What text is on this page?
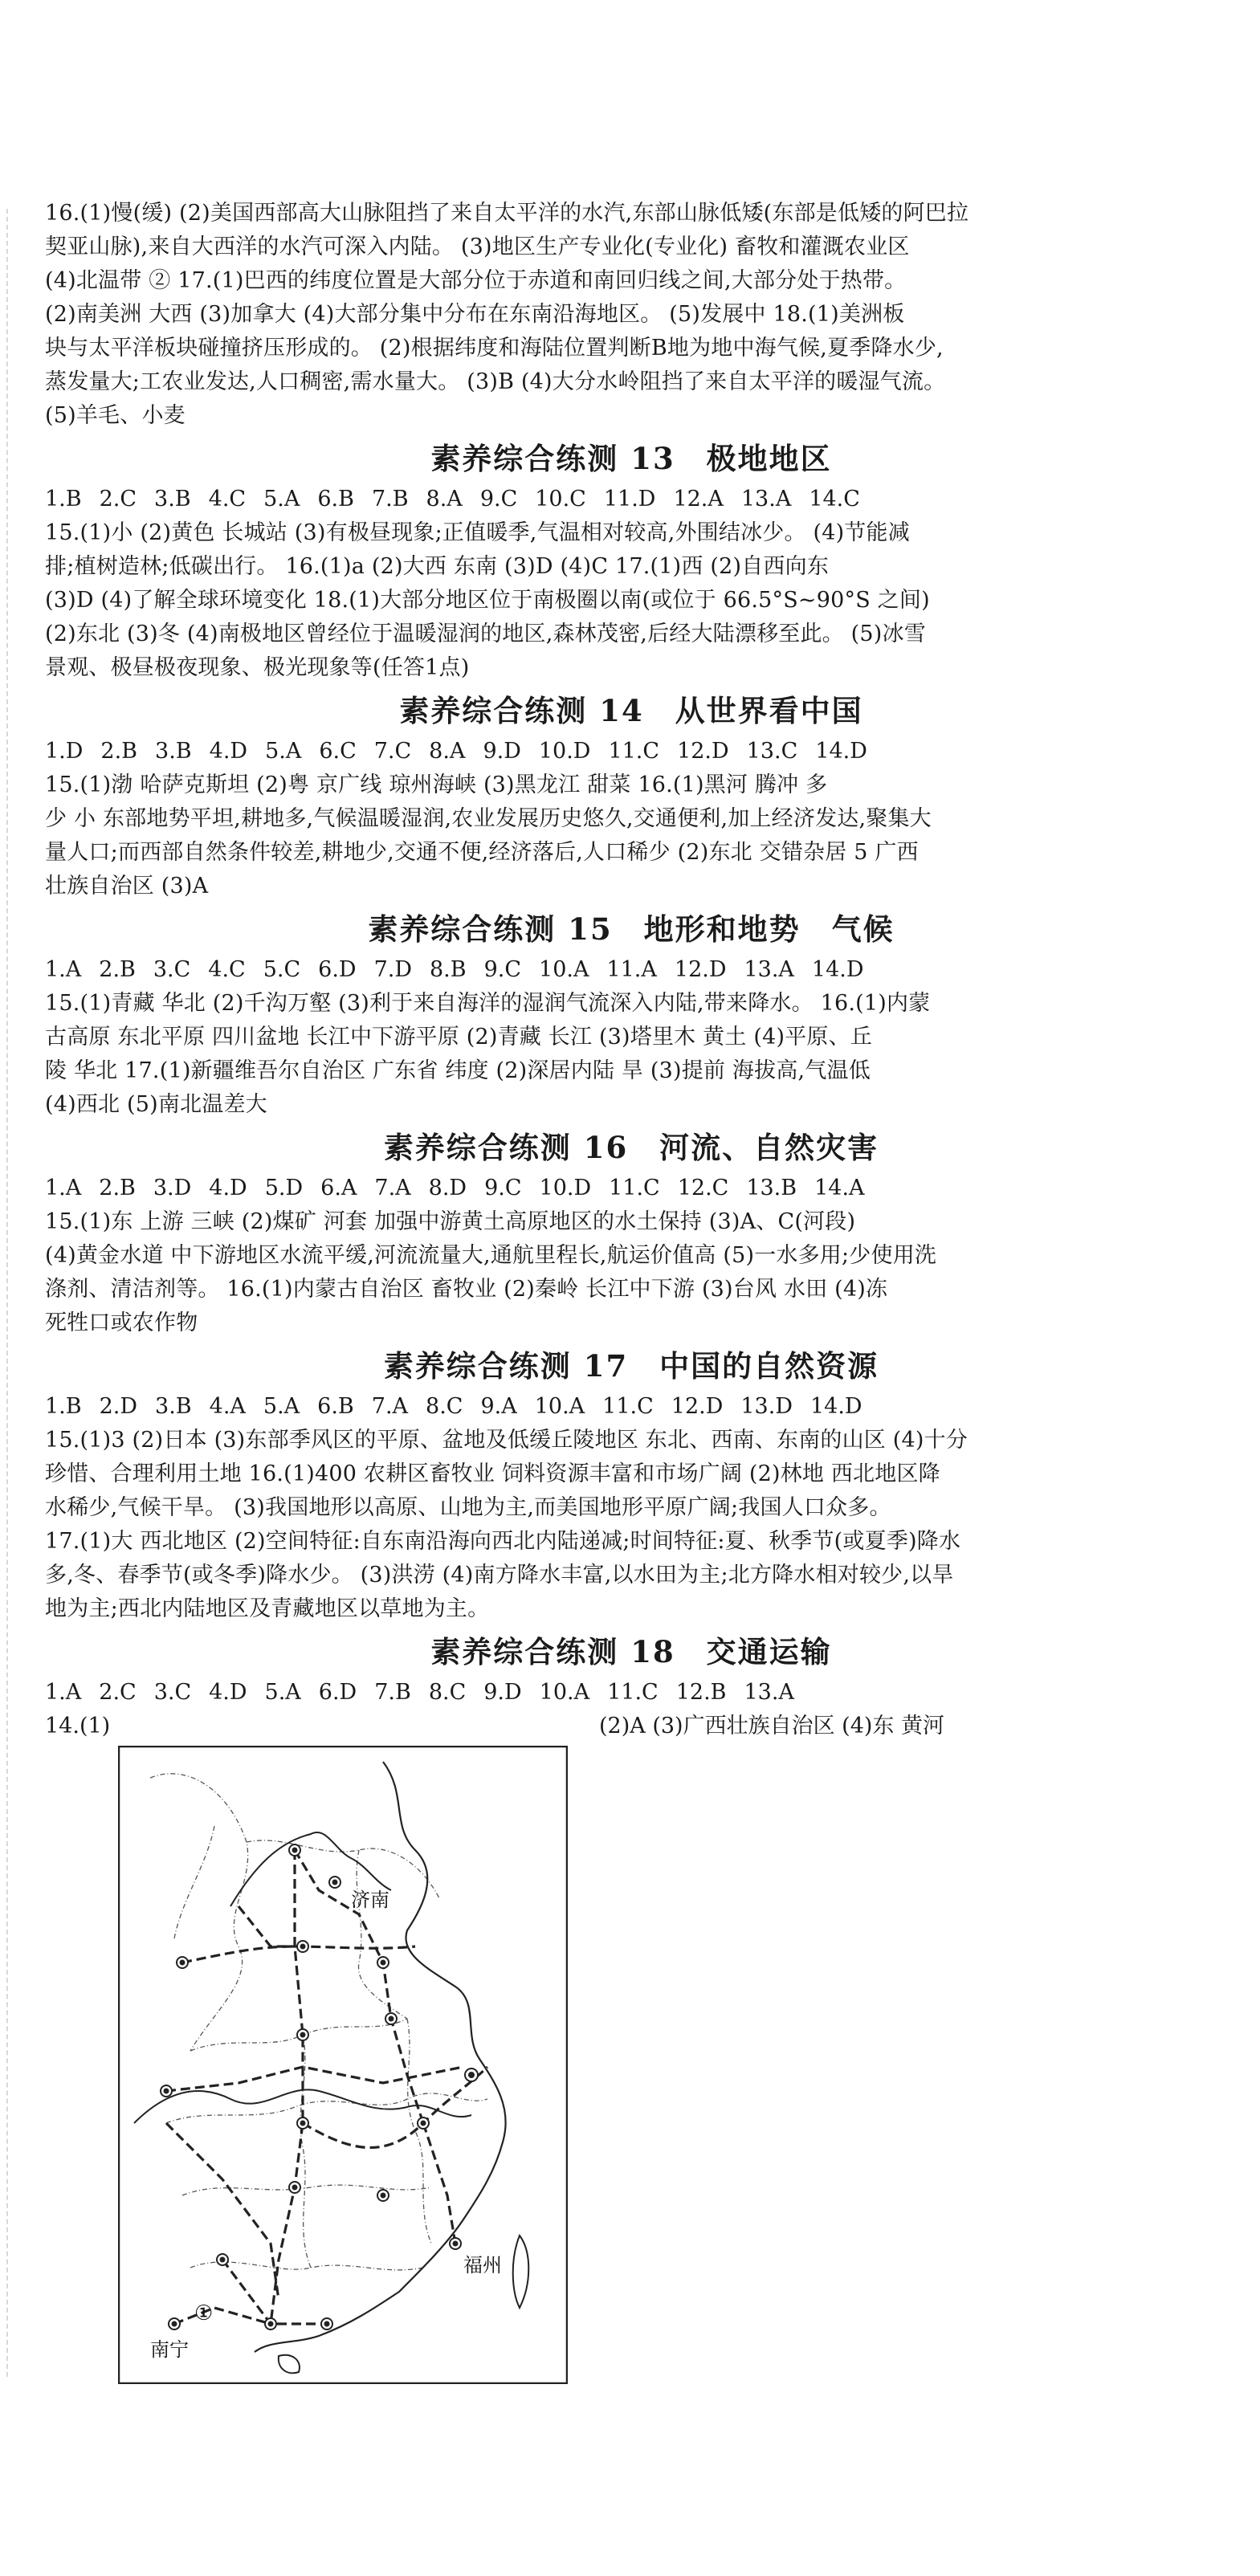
16.(1)慢(缓) (2)美国西部高大山脉阻挡了来自太平洋的水汽,东部山脉低矮(东部是低矮的阿巴拉

契亚山脉),来自大西洋的水汽可深入内陆。 (3)地区生产专业化(专业化) 畜牧和灌溉农业区

(4)北温带 ② 17.(1)巴西的纬度位置是大部分位于赤道和南回归线之间,大部分处于热带。

(2)南美洲 大西 (3)加拿大 (4)大部分集中分布在东南沿海地区。 (5)发展中 18.(1)美洲板

块与太平洋板块碰撞挤压形成的。 (2)根据纬度和海陆位置判断B地为地中海气候,夏季降水少,

蒸发量大;工农业发达,人口稠密,需水量大。 (3)B (4)大分水岭阻挡了来自太平洋的暖湿气流。

(5)羊毛、小麦

素养综合练测 13　极地地区

1.B 2.C 3.B 4.C 5.A 6.B 7.B 8.A 9.C 10.C 11.D 12.A 13.A 14.C

15.(1)小 (2)黄色 长城站 (3)有极昼现象;正值暖季,气温相对较高,外围结冰少。 (4)节能减

排;植树造林;低碳出行。 16.(1)a (2)大西 东南 (3)D (4)C 17.(1)西 (2)自西向东

(3)D (4)了解全球环境变化 18.(1)大部分地区位于南极圈以南(或位于 66.5°S~90°S 之间)

(2)东北 (3)冬 (4)南极地区曾经位于温暖湿润的地区,森林茂密,后经大陆漂移至此。 (5)冰雪

景观、极昼极夜现象、极光现象等(任答1点)

素养综合练测 14　从世界看中国

1.D 2.B 3.B 4.D 5.A 6.C 7.C 8.A 9.D 10.D 11.C 12.D 13.C 14.D

15.(1)渤 哈萨克斯坦 (2)粤 京广线 琼州海峡 (3)黑龙江 甜菜 16.(1)黑河 腾冲 多

少 小 东部地势平坦,耕地多,气候温暖湿润,农业发展历史悠久,交通便利,加上经济发达,聚集大

量人口;而西部自然条件较差,耕地少,交通不便,经济落后,人口稀少 (2)东北 交错杂居 5 广西

壮族自治区 (3)A

素养综合练测 15　地形和地势　气候

1.A 2.B 3.C 4.C 5.C 6.D 7.D 8.B 9.C 10.A 11.A 12.D 13.A 14.D

15.(1)青藏 华北 (2)千沟万壑 (3)利于来自海洋的湿润气流深入内陆,带来降水。 16.(1)内蒙

古高原 东北平原 四川盆地 长江中下游平原 (2)青藏 长江 (3)塔里木 黄土 (4)平原、丘

陵 华北 17.(1)新疆维吾尔自治区 广东省 纬度 (2)深居内陆 旱 (3)提前 海拔高,气温低

(4)西北 (5)南北温差大

素养综合练测 16　河流、自然灾害

1.A 2.B 3.D 4.D 5.D 6.A 7.A 8.D 9.C 10.D 11.C 12.C 13.B 14.A

15.(1)东 上游 三峡 (2)煤矿 河套 加强中游黄土高原地区的水土保持 (3)A、C(河段)

(4)黄金水道 中下游地区水流平缓,河流流量大,通航里程长,航运价值高 (5)一水多用;少使用洗

涤剂、清洁剂等。 16.(1)内蒙古自治区 畜牧业 (2)秦岭 长江中下游 (3)台风 水田 (4)冻

死牲口或农作物

素养综合练测 17　中国的自然资源

1.B 2.D 3.B 4.A 5.A 6.B 7.A 8.C 9.A 10.A 11.C 12.D 13.D 14.D

15.(1)3 (2)日本 (3)东部季风区的平原、盆地及低缓丘陵地区 东北、西南、东南的山区 (4)十分

珍惜、合理利用土地 16.(1)400 农耕区畜牧业 饲料资源丰富和市场广阔 (2)林地 西北地区降

水稀少,气候干旱。 (3)我国地形以高原、山地为主,而美国地形平原广阔;我国人口众多。

17.(1)大 西北地区 (2)空间特征:自东南沿海向西北内陆递减;时间特征:夏、秋季节(或夏季)降水

多,冬、春季节(或冬季)降水少。 (3)洪涝 (4)南方降水丰富,以水田为主;北方降水相对较少,以旱

地为主;西北内陆地区及青藏地区以草地为主。

素养综合练测 18　交通运输

1.A 2.C 3.C 4.D 5.A 6.D 7.B 8.C 9.D 10.A 11.C 12.B 13.A

14.(1)	(2)A (3)广西壮族自治区 (4)东 黄河
济南
福州
南宁
①
